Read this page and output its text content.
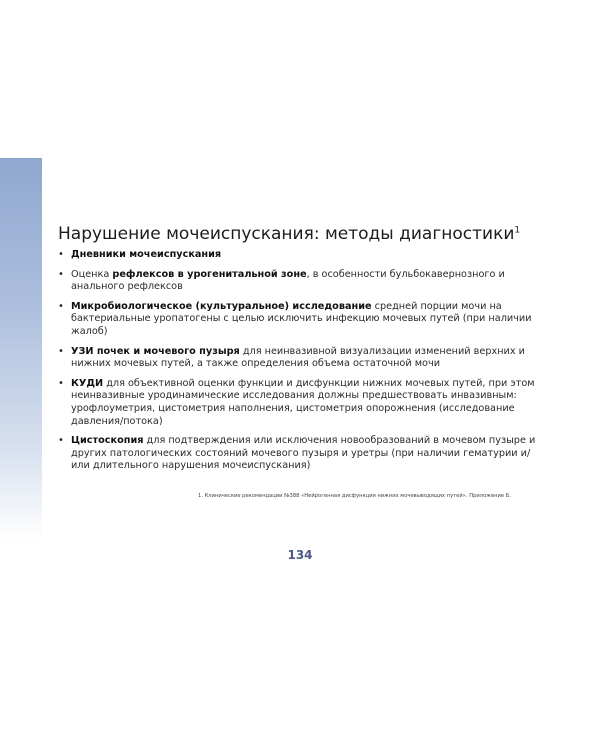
Нарушение мочеиспускания: методы диагностики$^1$
• Дневники мочеиспускания
• Оценка рефлексов в урогенитальной зоне, в особенности бульбокавернозного и анального рефлексов
• Микробиологическое (культуральное) исследование средней порции мочи на бактериальные уропатогены с целью исключить инфекцию мочевых путей (при наличии жалоб)
• УЗИ почек и мочевого пузыря для неинвазивной визуализации изменений верхних и нижних мочевых путей, а также определения объема остаточной мочи
• КУДИ для объективной оценки функции и дисфункции нижних мочевых путей, при этом неинвазивные уродинамические исследования должны предшествовать инвазивным: урофлоуметрия, цистометрия наполнения, цистометрия опорожнения (исследование давления/потока)
• Цистоскопия для подтверждения или исключения новообразований в мочевом пузыре и других патологических состояний мочевого пузыря и уретры (при наличии гематурии и/или длительного нарушения мочеиспускания)
1. Клинические рекомендации №388 «Нейрогенная дисфункция нижних мочевыводящих путей». Приложение Б.
134
